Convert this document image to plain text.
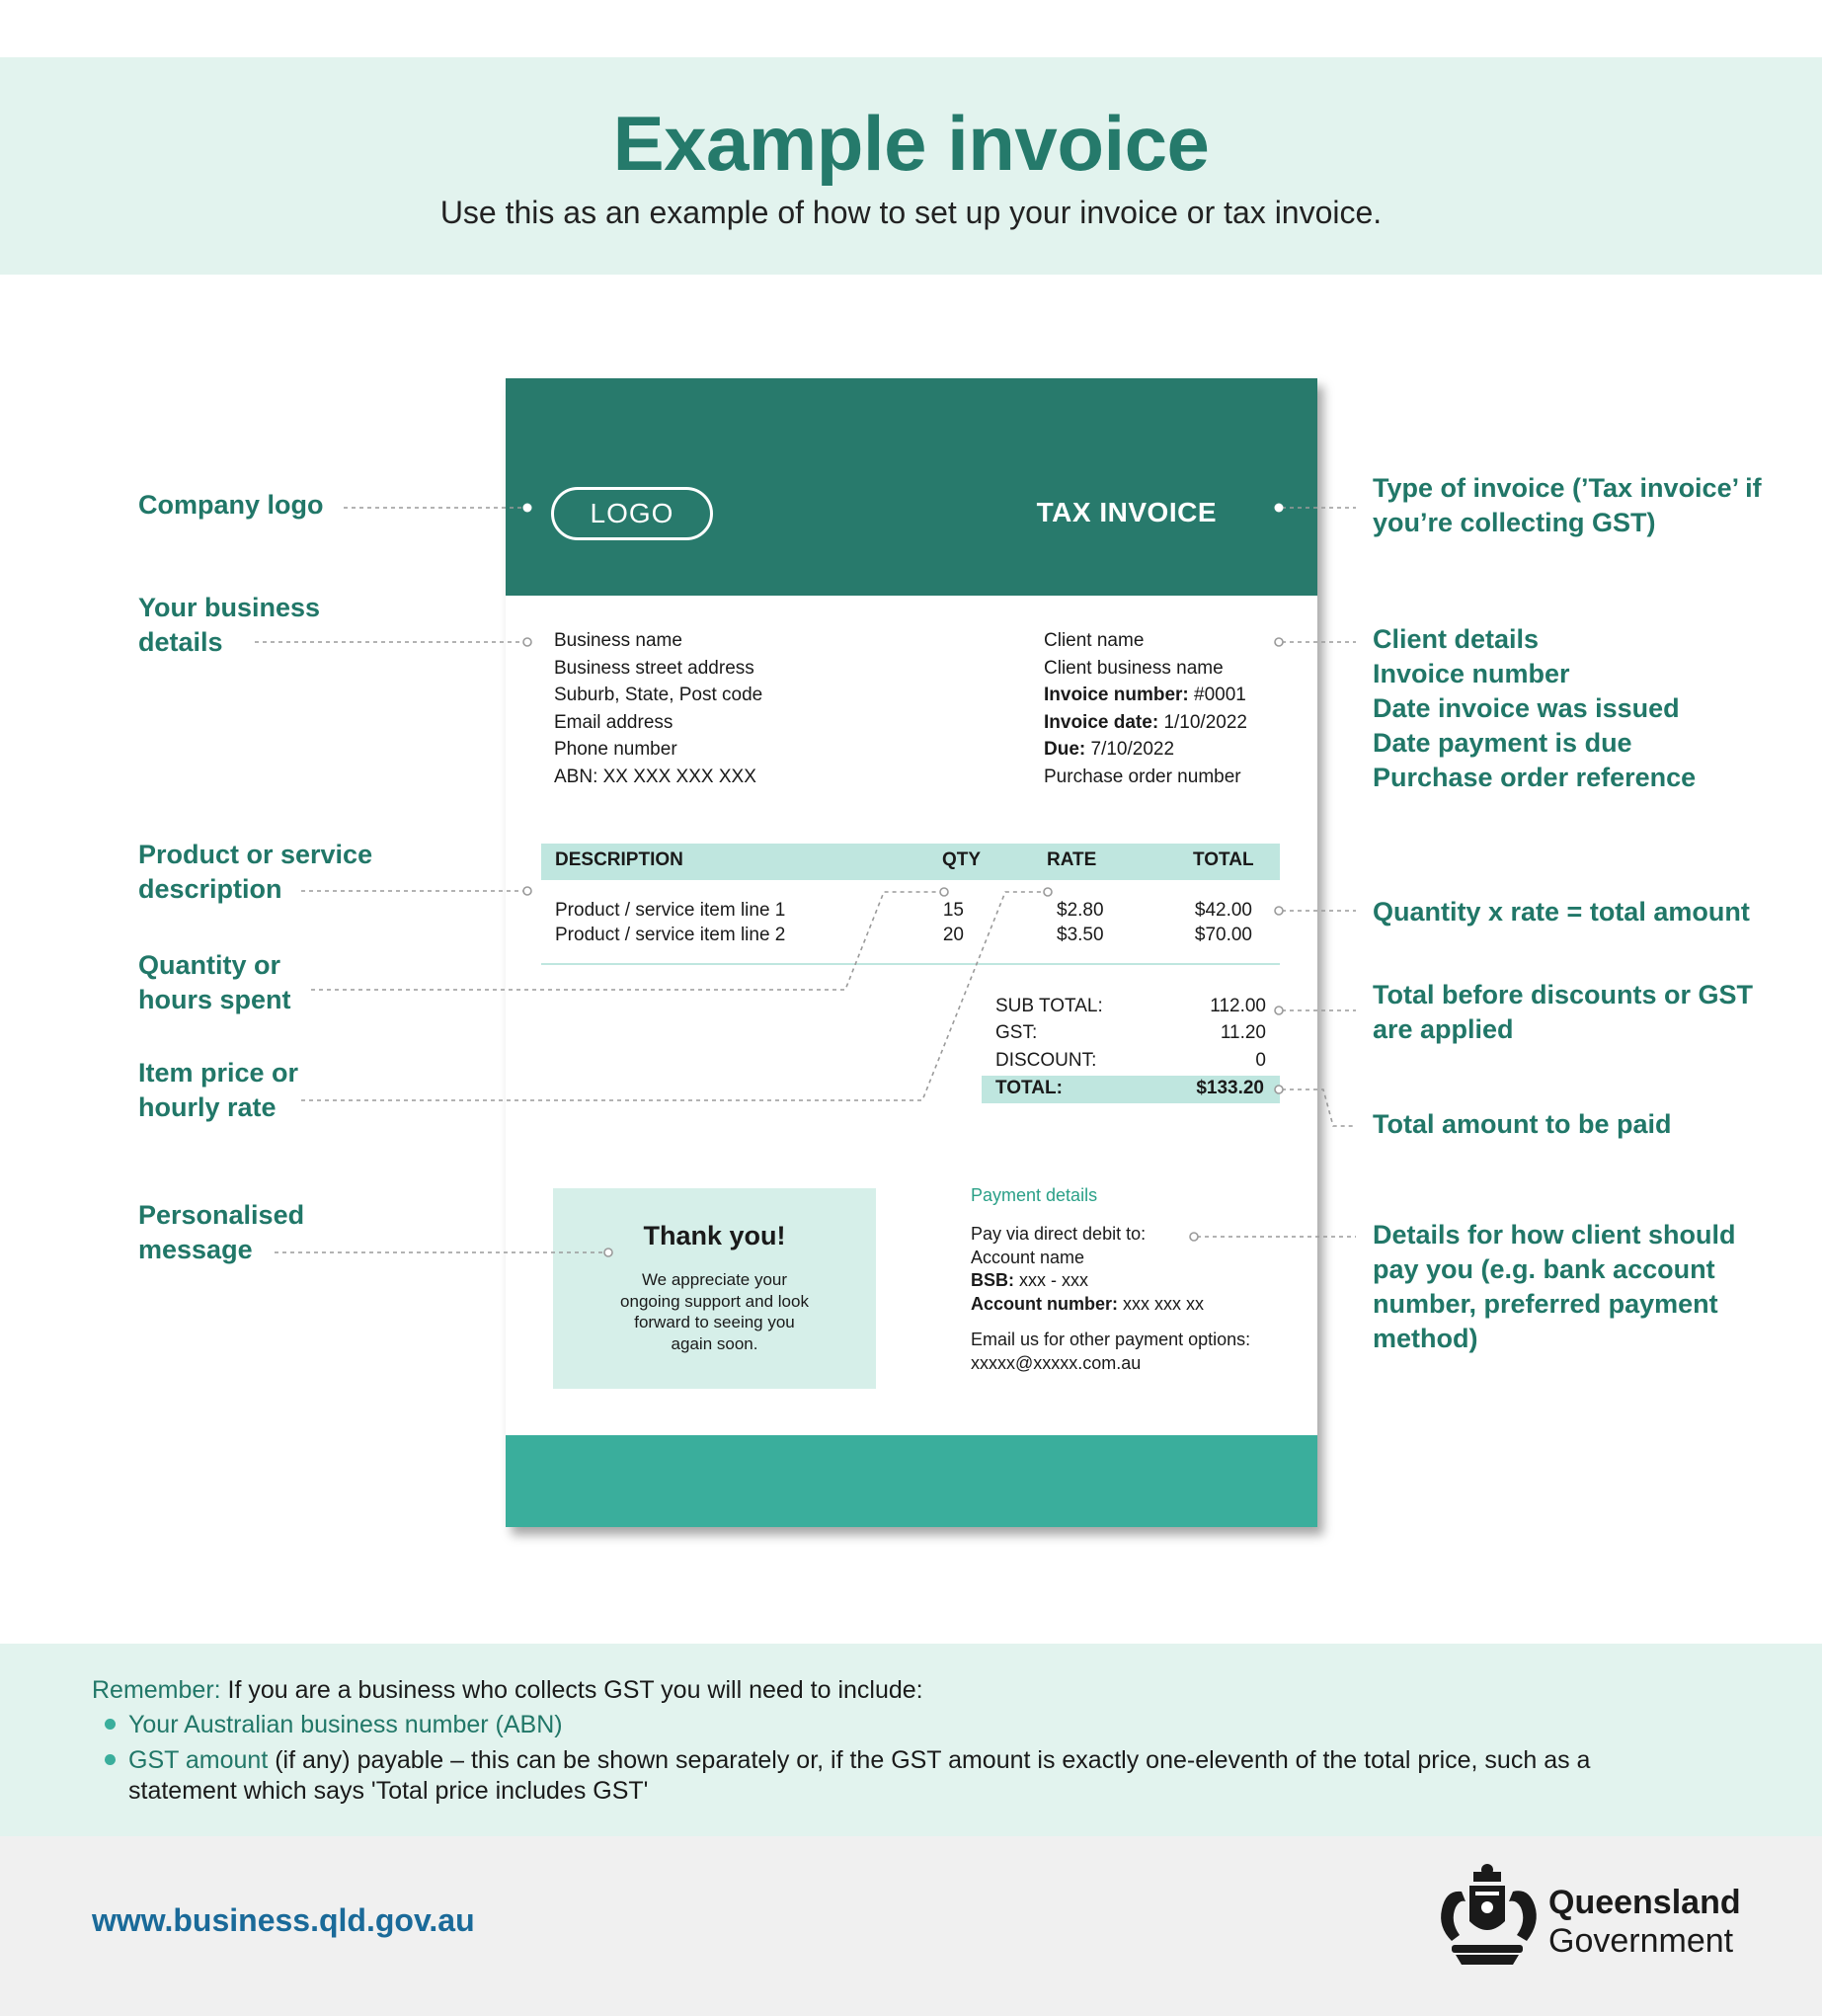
Example invoice
Use this as an example of how to set up your invoice or tax invoice.
LOGO	TAX INVOICE
Business name
Business street address
Suburb, State, Post code
Email address
Phone number
ABN: XX XXX XXX XXX
Client name
Client business name
Invoice number: #0001
Invoice date: 1/10/2022
Due: 7/10/2022
Purchase order number
DESCRIPTION	QTY	RATE	TOTAL
Product / service item line 1	15	$2.80	$42.00
Product / service item line 2	20	$3.50	$70.00
SUB TOTAL:	112.00
GST:	11.20
DISCOUNT:	0
TOTAL:	$133.20
Thank you!
We appreciate your ongoing support and look forward to seeing you again soon.
Payment details
Pay via direct debit to:
Account name
BSB: xxx - xxx
Account number: xxx xxx xx
Email us for other payment options:
xxxxx@xxxxx.com.au
Company logo
Your business details
Product or service description
Quantity or hours spent
Item price or hourly rate
Personalised message
Type of invoice (’Tax invoice’ if you’re collecting GST)
Client details
Invoice number
Date invoice was issued
Date payment is due
Purchase order reference
Quantity x rate = total amount
Total before discounts or GST are applied
Total amount to be paid
Details for how client should pay you (e.g. bank account number, preferred payment method)
Remember: If you are a business who collects GST you will need to include:
Your Australian business number (ABN)
GST amount (if any) payable – this can be shown separately or, if the GST amount is exactly one-eleventh of the total price, such as a statement which says 'Total price includes GST'
www.business.qld.gov.au	Queensland
Government
